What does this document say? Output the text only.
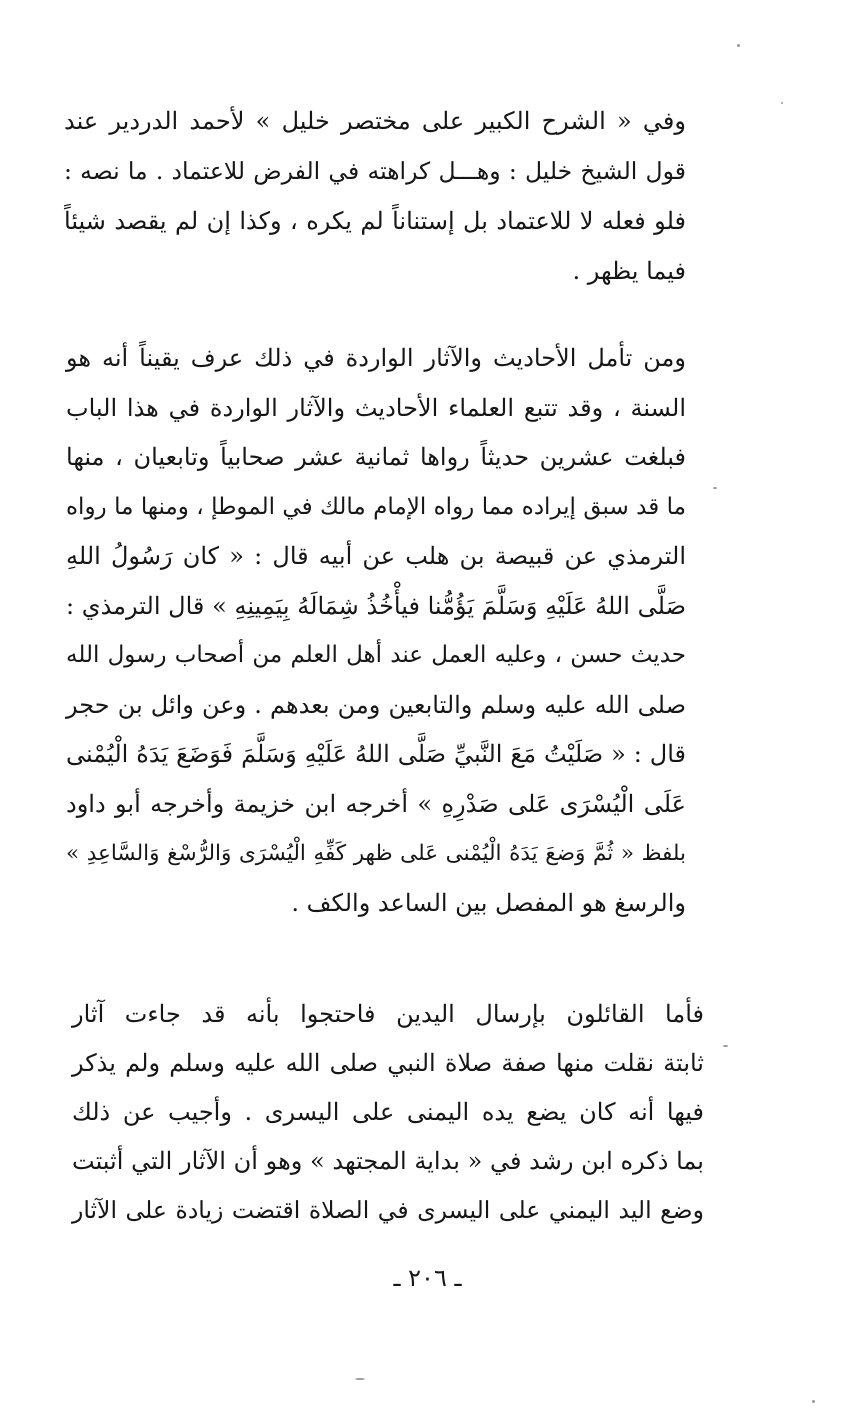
وفي « الشرح الكبير على مختصر خليل » لأحمد الدردير عند
قول الشيخ خليل : وهـــل كراهته في الفرض للاعتماد . ما نصه :
فلو فعله لا للاعتماد بل إستناناً لم يكره ، وكذا إن لم يقصد شيئاً
فيما يظهر .
ومن تأمل الأحاديث والآثار الواردة في ذلك عرف يقيناً أنه هو
السنة ، وقد تتبع العلماء الأحاديث والآثار الواردة في هذا الباب
فبلغت عشرين حديثاً رواها ثمانية عشر صحابياً وتابعيان ، منها
ما قد سبق إيراده مما رواه الإمام مالك في الموطإ ، ومنها ما رواه
الترمذي عن قبيصة بن هلب عن أبيه قال : « كان رَسُولُ اللهِ
صَلَّى اللهُ عَلَيْهِ وَسَلَّمَ يَؤُمُّنا فيأْخُذُ شِمَالَهُ بِيَمِينِهِ » قال الترمذي :
حديث حسن ، وعليه العمل عند أهل العلم من أصحاب رسول الله
صلى الله عليه وسلم والتابعين ومن بعدهم . وعن وائل بن حجر
قال : « صَلَيْتُ مَعَ النَّبيِّ صَلَّى اللهُ عَلَيْهِ وَسَلَّمَ فَوَضَعَ يَدَهُ الْيُمْنى
عَلَى الْيُسْرَى عَلى صَدْرِهِ » أخرجه ابن خزيمة وأخرجه أبو داود
بلفظ « ثُمَّ وَضعَ يَدَهُ الْيُمْنى عَلى ظهر كَفِّهِ الْيُسْرَى وَالرُّسْغ وَالسَّاعِدِ »
والرسغ هو المفصل بين الساعد والكف .
فأما القائلون بإرسال اليدين فاحتجوا بأنه قد جاءت آثار
ثابتة نقلت منها صفة صلاة النبي صلى الله عليه وسلم ولم يذكر
فيها أنه كان يضع يده اليمنى على اليسرى . وأجيب عن ذلك
بما ذكره ابن رشد في « بداية المجتهد » وهو أن الآثار التي أثبتت
وضع اليد اليمني على اليسرى في الصلاة اقتضت زيادة على الآثار
ـ ٢٠٦ ـ
